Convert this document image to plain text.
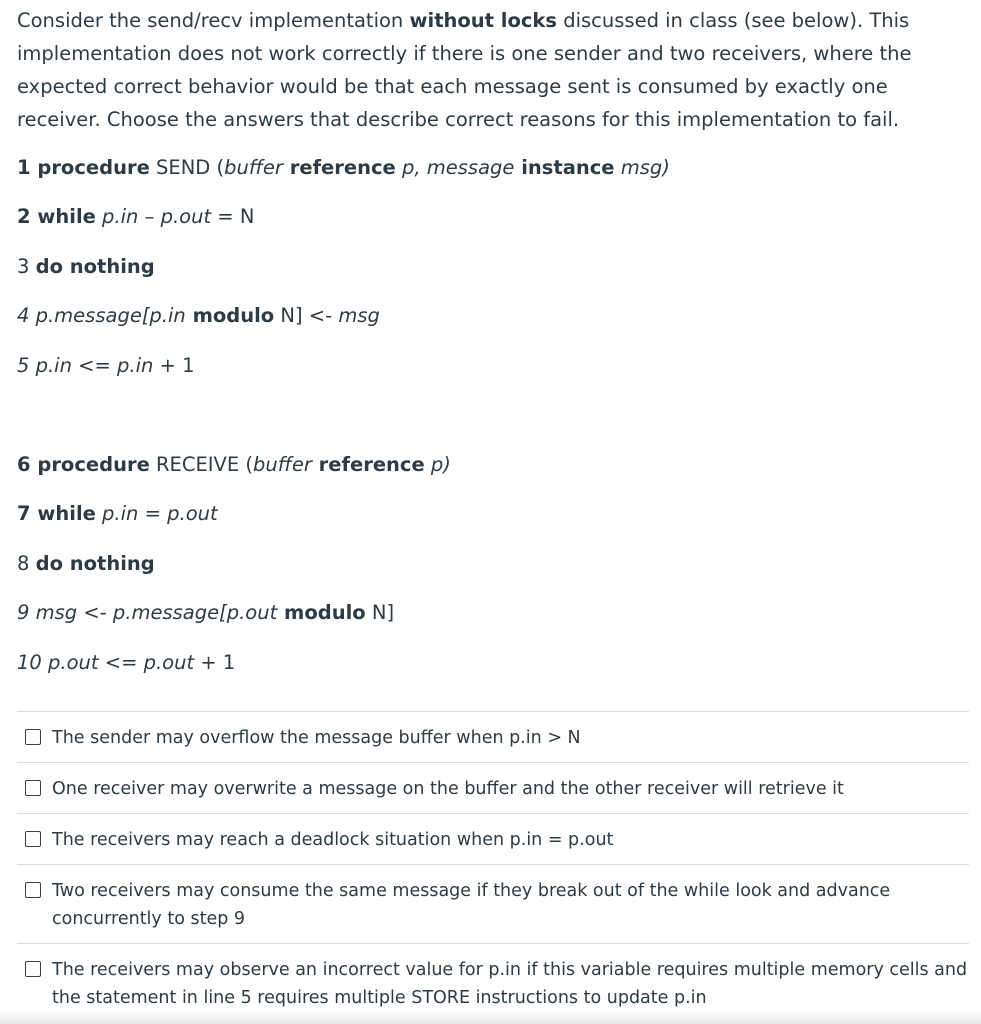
Consider the send/recv implementation without locks discussed in class (see below). This implementation does not work correctly if there is one sender and two receivers, where the expected correct behavior would be that each message sent is consumed by exactly one receiver. Choose the answers that describe correct reasons for this implementation to fail.

1 procedure SEND (buffer reference p, message instance msg)

2 while p.in – p.out = N

3 do nothing

4 p.message[p.in modulo N] <- msg

5 p.in <= p.in + 1

6 procedure RECEIVE (buffer reference p)

7 while p.in = p.out

8 do nothing

9 msg <- p.message[p.out modulo N]

10 p.out <= p.out + 1

The sender may overflow the message buffer when p.in > N
One receiver may overwrite a message on the buffer and the other receiver will retrieve it
The receivers may reach a deadlock situation when p.in = p.out
Two receivers may consume the same message if they break out of the while look and advance concurrently to step 9
The receivers may observe an incorrect value for p.in if this variable requires multiple memory cells and the statement in line 5 requires multiple STORE instructions to update p.in
